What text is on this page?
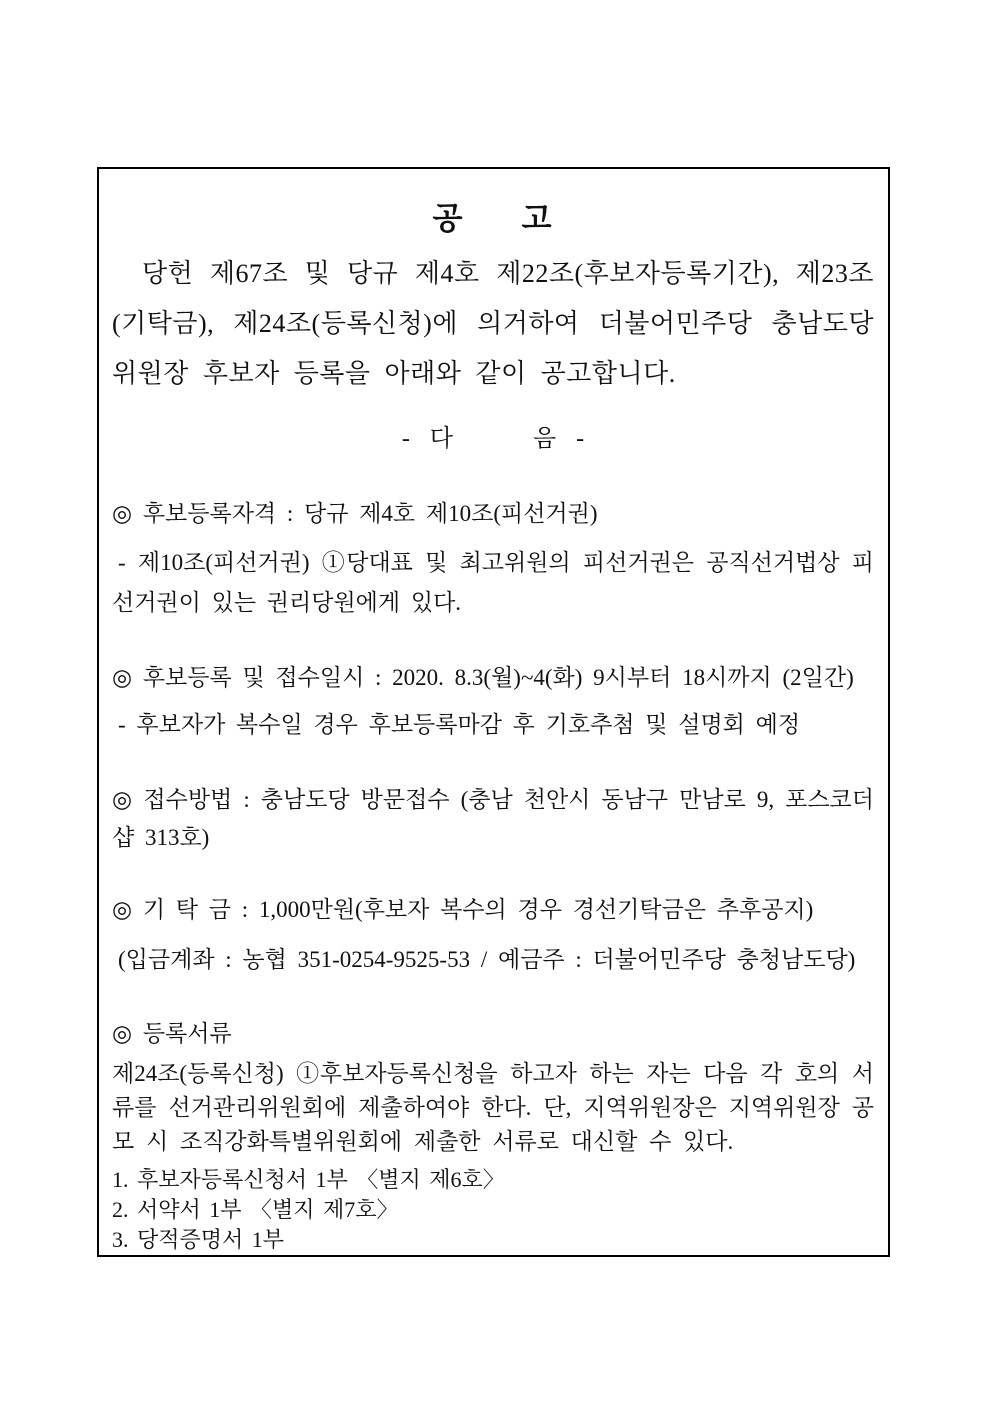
공  고

당헌 제67조 및 당규 제4호 제22조(후보자등록기간), 제23조(기탁금), 제24조(등록신청)에 의거하여 더불어민주당 충남도당 위원장 후보자 등록을 아래와 같이 공고합니다.

- 다    음 -
◎ 후보등록자격 : 당규 제4호 제10조(피선거권)
- 제10조(피선거권) ①당대표 및 최고위원의 피선거권은 공직선거법상 피선거권이 있는 권리당원에게 있다.
◎ 후보등록 및 접수일시 : 2020. 8.3(월)~4(화) 9시부터 18시까지 (2일간)
- 후보자가 복수일 경우 후보등록마감 후 기호추첨 및 설명회 예정
◎ 접수방법 : 충남도당 방문접수 (충남 천안시 동남구 만남로 9, 포스코더샵 313호)
◎ 기 탁 금 : 1,000만원(후보자 복수의 경우 경선기탁금은 추후공지)
(입금계좌 : 농협 351-0254-9525-53 / 예금주 : 더불어민주당 충청남도당)
◎ 등록서류
제24조(등록신청) ①후보자등록신청을 하고자 하는 자는 다음 각 호의 서류를 선거관리위원회에 제출하여야 한다. 단, 지역위원장은 지역위원장 공모 시 조직강화특별위원회에 제출한 서류로 대신할 수 있다.
1. 후보자등록신청서 1부 〈별지 제6호〉
2. 서약서 1부 〈별지 제7호〉
3. 당적증명서 1부
